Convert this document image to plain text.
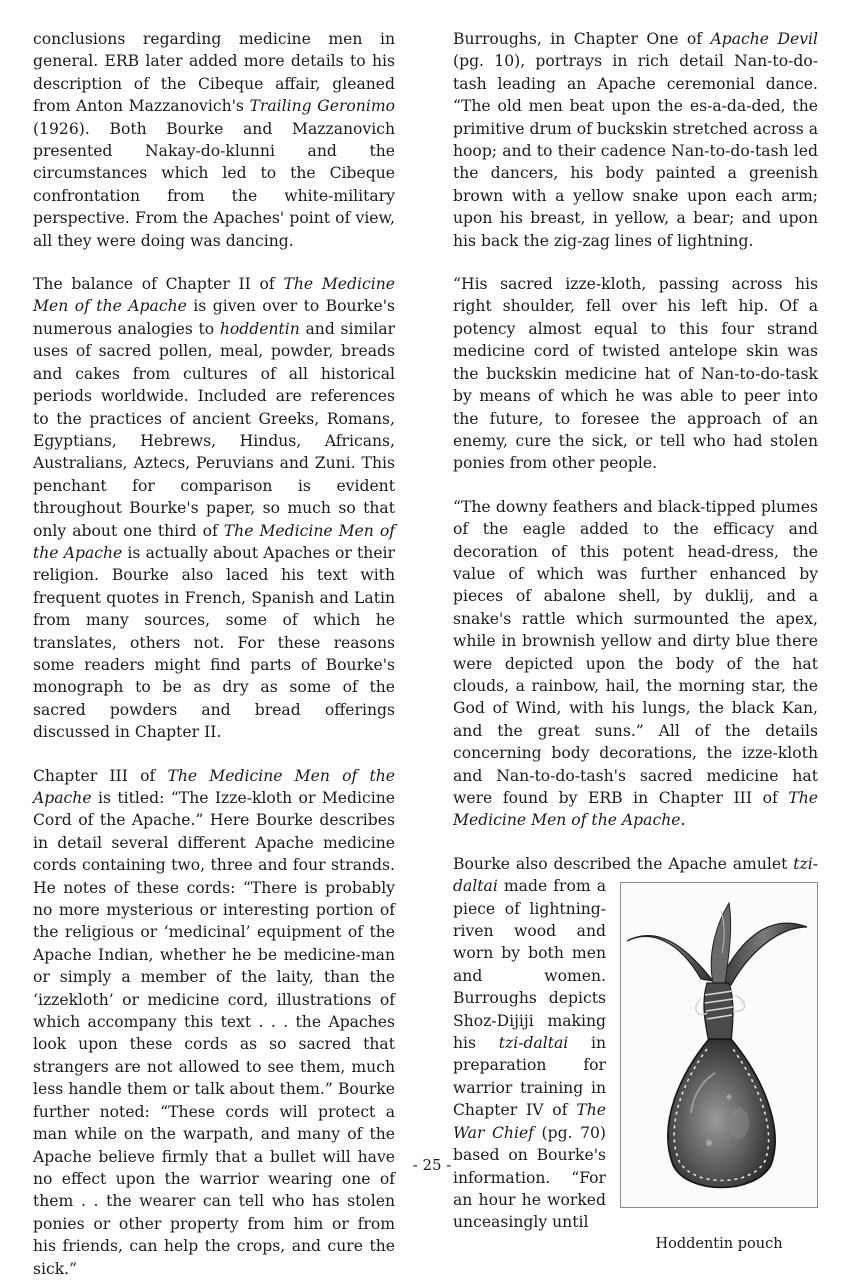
conclusions regarding medicine men in general. ERB later added more details to his description of the Cibeque affair, gleaned from Anton Mazzanovich's Trailing Geronimo (1926). Both Bourke and Mazzanovich presented Nakay-do-klunni and the circumstances which led to the Cibeque confrontation from the white-military perspective. From the Apaches' point of view, all they were doing was dancing.

The balance of Chapter II of The Medicine Men of the Apache is given over to Bourke's numerous analogies to hoddentin and similar uses of sacred pollen, meal, powder, breads and cakes from cultures of all historical periods worldwide. Included are references to the practices of ancient Greeks, Romans, Egyptians, Hebrews, Hindus, Africans, Australians, Aztecs, Peruvians and Zuni. This penchant for comparison is evident throughout Bourke's paper, so much so that only about one third of The Medicine Men of the Apache is actually about Apaches or their religion. Bourke also laced his text with frequent quotes in French, Spanish and Latin from many sources, some of which he translates, others not. For these reasons some readers might find parts of Bourke's monograph to be as dry as some of the sacred powders and bread offerings discussed in Chapter II.

Chapter III of The Medicine Men of the Apache is titled: “The Izze-kloth or Medicine Cord of the Apache.” Here Bourke describes in detail several different Apache medicine cords containing two, three and four strands. He notes of these cords: “There is probably no more mysterious or interesting portion of the religious or ‘medicinal’ equipment of the Apache Indian, whether he be medicine-man or simply a member of the laity, than the ‘izzekloth’ or medicine cord, illustrations of which accompany this text . . . the Apaches look upon these cords as so sacred that strangers are not allowed to see them, much less handle them or talk about them.” Bourke further noted: “These cords will protect a man while on the warpath, and many of the Apache believe firmly that a bullet will have no effect upon the warrior wearing one of them . . the wearer can tell who has stolen ponies or other property from him or from his friends, can help the crops, and cure the sick.”

Burroughs, in Chapter One of Apache Devil (pg. 10), portrays in rich detail Nan-to-do-tash leading an Apache ceremonial dance. “The old men beat upon the es-a-da-ded, the primitive drum of buckskin stretched across a hoop; and to their cadence Nan-to-do-tash led the dancers, his body painted a greenish brown with a yellow snake upon each arm; upon his breast, in yellow, a bear; and upon his back the zig-zag lines of lightning.

“His sacred izze-kloth, passing across his right shoulder, fell over his left hip. Of a potency almost equal to this four strand medicine cord of twisted antelope skin was the buckskin medicine hat of Nan-to-do-task by means of which he was able to peer into the future, to foresee the approach of an enemy, cure the sick, or tell who had stolen ponies from other people.

“The downy feathers and black-tipped plumes of the eagle added to the efficacy and decoration of this potent head-dress, the value of which was further enhanced by pieces of abalone shell, by duklij, and a snake's rattle which surmounted the apex, while in brownish yellow and dirty blue there were depicted upon the body of the hat clouds, a rainbow, hail, the morning star, the God of Wind, with his lungs, the black Kan, and the great suns.” All of the details concerning body decorations, the izze-kloth and Nan-to-do-tash's sacred medicine hat were found by ERB in Chapter III of The Medicine Men of the Apache.

Bourke also described the Apache amulet tzi-daltai
made from a piece of lightning-riven wood and worn by both men and women. Burroughs depicts Shoz-Dijiji making his tzi-daltai in preparation for warrior training in Chapter IV of The War Chief (pg. 70) based on Bourke's information. “For an hour he worked unceasingly until
Hoddentin pouch

- 25 -
